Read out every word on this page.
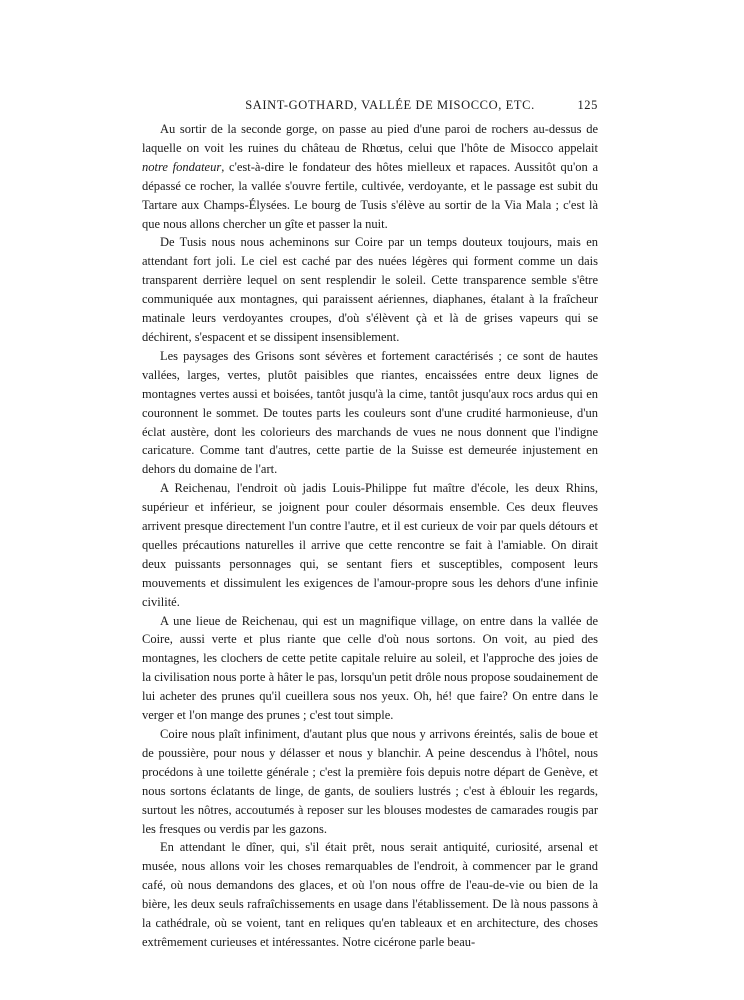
SAINT-GOTHARD, VALLÉE DE MISOCCO, ETC.	125

Au sortir de la seconde gorge, on passe au pied d'une paroi de rochers au-dessus de laquelle on voit les ruines du château de Rhœtus, celui que l'hôte de Misocco appelait notre fondateur, c'est-à-dire le fondateur des hôtes mielleux et rapaces. Aussitôt qu'on a dépassé ce rocher, la vallée s'ouvre fertile, cultivée, verdoyante, et le passage est subit du Tartare aux Champs-Élysées. Le bourg de Tusis s'élève au sortir de la Via Mala ; c'est là que nous allons chercher un gîte et passer la nuit.

De Tusis nous nous acheminons sur Coire par un temps douteux toujours, mais en attendant fort joli. Le ciel est caché par des nuées légères qui forment comme un dais transparent derrière lequel on sent resplendir le soleil. Cette transparence semble s'être communiquée aux montagnes, qui paraissent aériennes, diaphanes, étalant à la fraîcheur matinale leurs verdoyantes croupes, d'où s'élèvent çà et là de grises vapeurs qui se déchirent, s'espacent et se dissipent insensiblement.

Les paysages des Grisons sont sévères et fortement caractérisés ; ce sont de hautes vallées, larges, vertes, plutôt paisibles que riantes, encaissées entre deux lignes de montagnes vertes aussi et boisées, tantôt jusqu'à la cime, tantôt jusqu'aux rocs ardus qui en couronnent le sommet. De toutes parts les couleurs sont d'une crudité harmonieuse, d'un éclat austère, dont les colorieurs des marchands de vues ne nous donnent que l'indigne caricature. Comme tant d'autres, cette partie de la Suisse est demeurée injustement en dehors du domaine de l'art.

A Reichenau, l'endroit où jadis Louis-Philippe fut maître d'école, les deux Rhins, supérieur et inférieur, se joignent pour couler désormais ensemble. Ces deux fleuves arrivent presque directement l'un contre l'autre, et il est curieux de voir par quels détours et quelles précautions naturelles il arrive que cette rencontre se fait à l'amiable. On dirait deux puissants personnages qui, se sentant fiers et susceptibles, composent leurs mouvements et dissimulent les exigences de l'amour-propre sous les dehors d'une infinie civilité.

A une lieue de Reichenau, qui est un magnifique village, on entre dans la vallée de Coire, aussi verte et plus riante que celle d'où nous sortons. On voit, au pied des montagnes, les clochers de cette petite capitale reluire au soleil, et l'approche des joies de la civilisation nous porte à hâter le pas, lorsqu'un petit drôle nous propose soudainement de lui acheter des prunes qu'il cueillera sous nos yeux. Oh, hé! que faire? On entre dans le verger et l'on mange des prunes ; c'est tout simple.

Coire nous plaît infiniment, d'autant plus que nous y arrivons éreintés, salis de boue et de poussière, pour nous y délasser et nous y blanchir. A peine descendus à l'hôtel, nous procédons à une toilette générale ; c'est la première fois depuis notre départ de Genève, et nous sortons éclatants de linge, de gants, de souliers lustrés ; c'est à éblouir les regards, surtout les nôtres, accoutumés à reposer sur les blouses modestes de camarades rougis par les fresques ou verdis par les gazons.

En attendant le dîner, qui, s'il était prêt, nous serait antiquité, curiosité, arsenal et musée, nous allons voir les choses remarquables de l'endroit, à commencer par le grand café, où nous demandons des glaces, et où l'on nous offre de l'eau-de-vie ou bien de la bière, les deux seuls rafraîchissements en usage dans l'établissement. De là nous passons à la cathédrale, où se voient, tant en reliques qu'en tableaux et en architecture, des choses extrêmement curieuses et intéressantes. Notre cicérone parle beau-
